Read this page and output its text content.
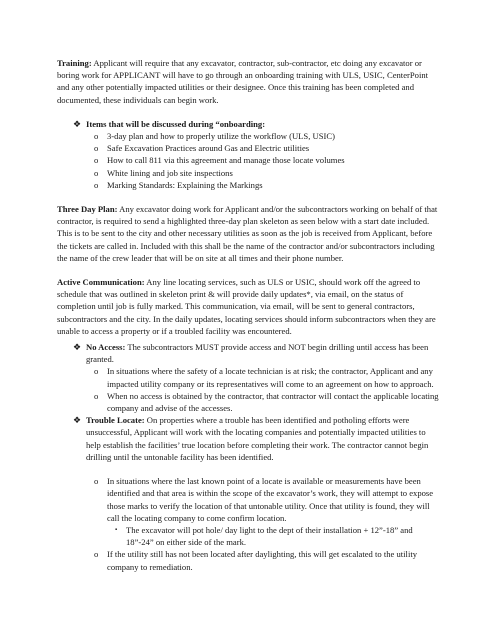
Training: Applicant will require that any excavator, contractor, sub-contractor, etc doing any excavator or boring work for APPLICANT will have to go through an onboarding training with ULS, USIC, CenterPoint and any other potentially impacted utilities or their designee. Once this training has been completed and documented, these individuals can begin work.

❖ Items that will be discussed during “onboarding:
o 3-day plan and how to properly utilize the workflow (ULS, USIC)
o Safe Excavation Practices around Gas and Electric utilities
o How to call 811 via this agreement and manage those locate volumes
o White lining and job site inspections
o Marking Standards: Explaining the Markings

Three Day Plan: Any excavator doing work for Applicant and/or the subcontractors working on behalf of that contractor, is required to send a highlighted three-day plan skeleton as seen below with a start date included. This is to be sent to the city and other necessary utilities as soon as the job is received from Applicant, before the tickets are called in. Included with this shall be the name of the contractor and/or subcontractors including the name of the crew leader that will be on site at all times and their phone number.

Active Communication: Any line locating services, such as ULS or USIC, should work off the agreed to schedule that was outlined in skeleton print & will provide daily updates*, via email, on the status of completion until job is fully marked. This communication, via email, will be sent to general contractors, subcontractors and the city. In the daily updates, locating services should inform subcontractors when they are unable to access a property or if a troubled facility was encountered.

❖ No Access: The subcontractors MUST provide access and NOT begin drilling until access has been granted.
o In situations where the safety of a locate technician is at risk; the contractor, Applicant and any impacted utility company or its representatives will come to an agreement on how to approach.
o When no access is obtained by the contractor, that contractor will contact the applicable locating company and advise of the accesses.
❖ Trouble Locate: On properties where a trouble has been identified and potholing efforts were unsuccessful, Applicant will work with the locating companies and potentially impacted utilities to help establish the facilities’ true location before completing their work. The contractor cannot begin drilling until the untonable facility has been identified.
o In situations where the last known point of a locate is available or measurements have been identified and that area is within the scope of the excavator’s work, they will attempt to expose those marks to verify the location of that untonable utility. Once that utility is found, they will call the locating company to come confirm location.
▪ The excavator will pot hole/ day light to the dept of their installation + 12”-18” and 18”-24” on either side of the mark.
o If the utility still has not been located after daylighting, this will get escalated to the utility company to remediation.
